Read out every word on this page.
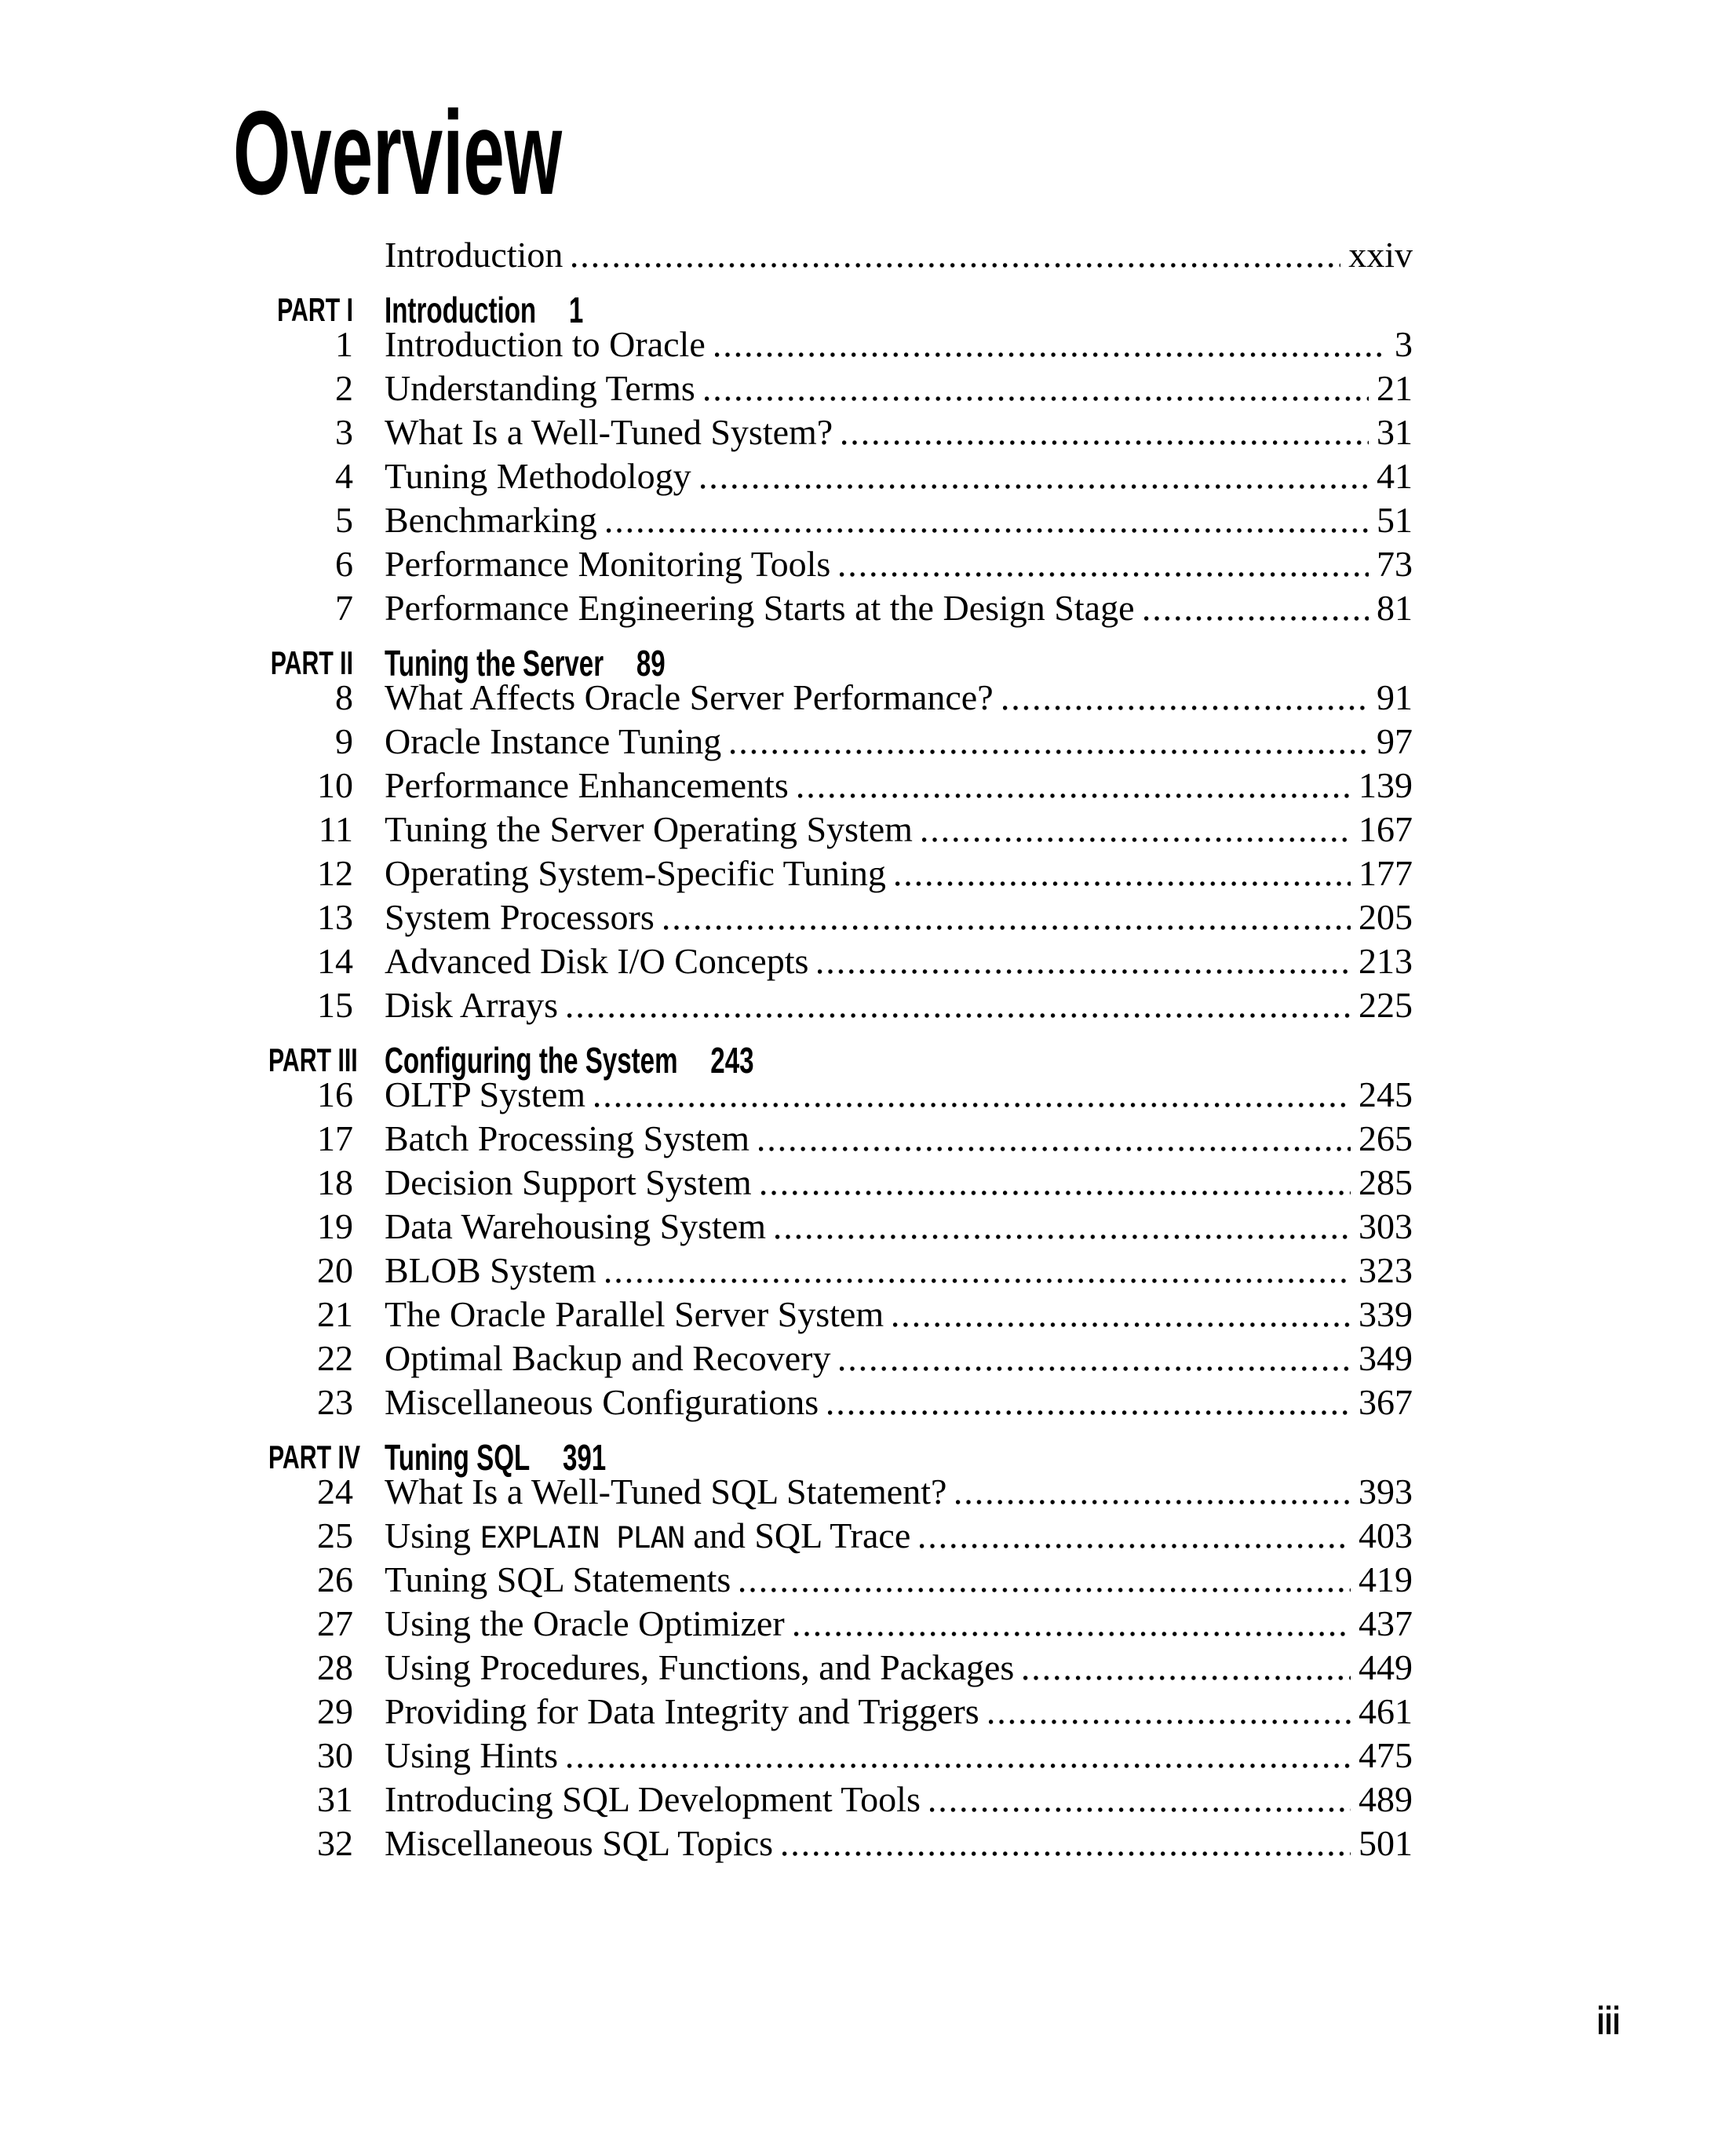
Overview
Introduction	xxiv
PART I Introduction 1
1 Introduction to Oracle	3
2 Understanding Terms	21
3 What Is a Well-Tuned System?	31
4 Tuning Methodology	41
5 Benchmarking	51
6 Performance Monitoring Tools	73
7 Performance Engineering Starts at the Design Stage	81
PART II Tuning the Server 89
8 What Affects Oracle Server Performance?	91
9 Oracle Instance Tuning	97
10 Performance Enhancements	139
11 Tuning the Server Operating System	167
12 Operating System-Specific Tuning	177
13 System Processors	205
14 Advanced Disk I/O Concepts	213
15 Disk Arrays	225
PART III Configuring the System 243
16 OLTP System	245
17 Batch Processing System	265
18 Decision Support System	285
19 Data Warehousing System	303
20 BLOB System	323
21 The Oracle Parallel Server System	339
22 Optimal Backup and Recovery	349
23 Miscellaneous Configurations	367
PART IV Tuning SQL 391
24 What Is a Well-Tuned SQL Statement?	393
25 Using EXPLAIN PLAN and SQL Trace	403
26 Tuning SQL Statements	419
27 Using the Oracle Optimizer	437
28 Using Procedures, Functions, and Packages	449
29 Providing for Data Integrity and Triggers	461
30 Using Hints	475
31 Introducing SQL Development Tools	489
32 Miscellaneous SQL Topics	501
iii
